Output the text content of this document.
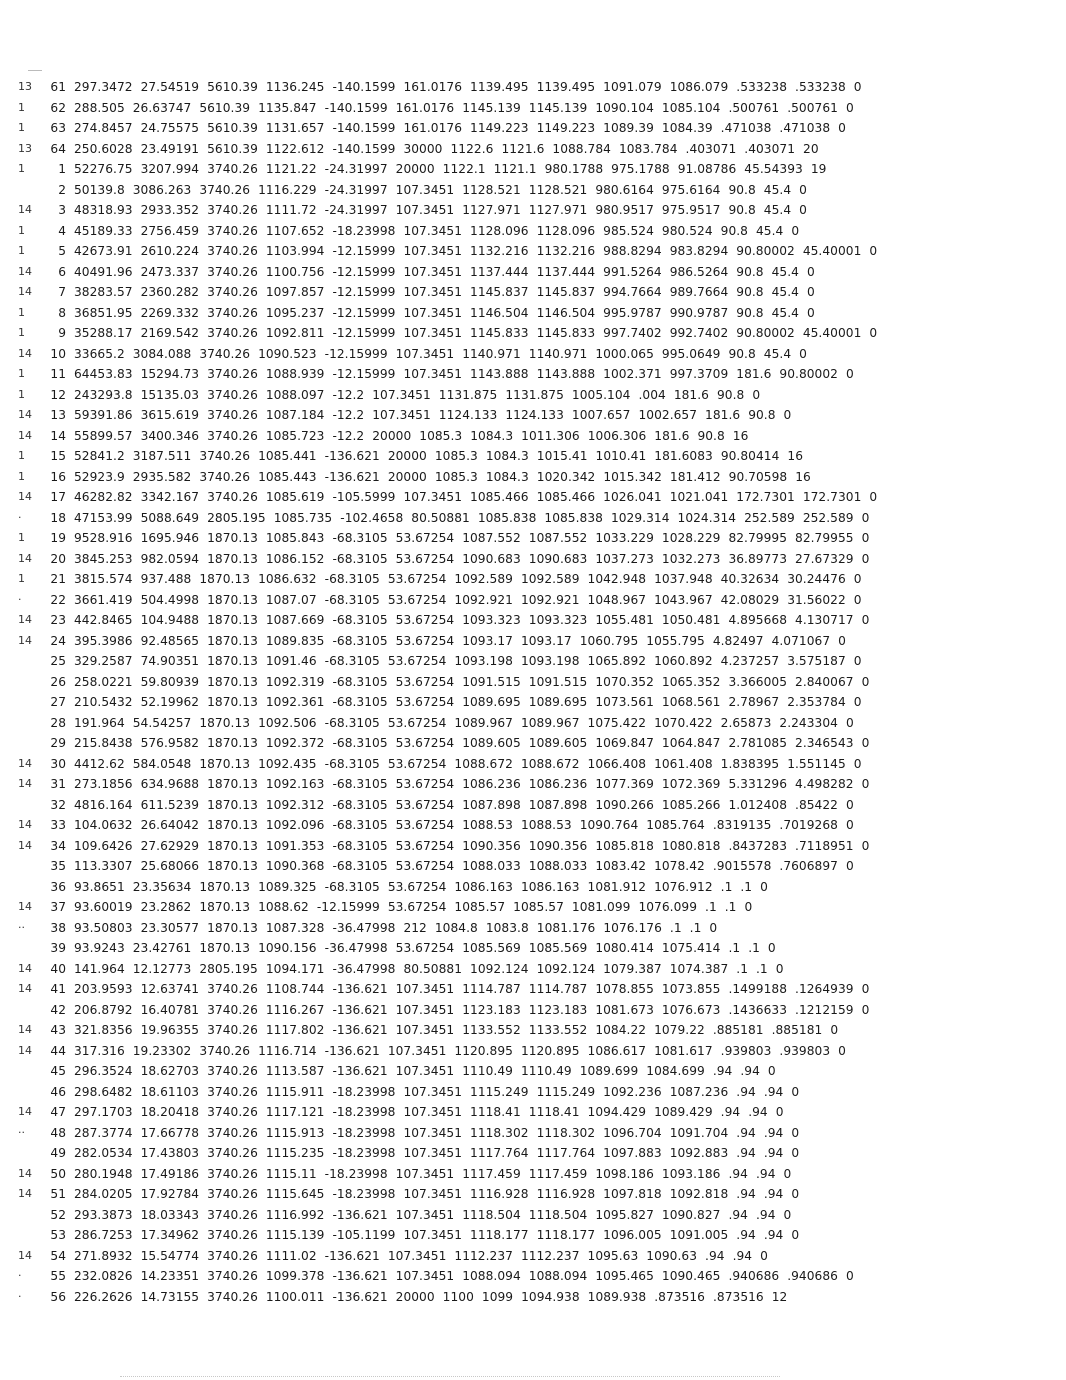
13	61 297.3472 27.54519 5610.39 1136.245 -140.1599 161.0176 1139.495 1139.495 1091.079 1086.079 .533238 .533238 0
1	62 288.505 26.63747 5610.39 1135.847 -140.1599 161.0176 1145.139 1145.139 1090.104 1085.104 .500761 .500761 0
1	63 274.8457 24.75575 5610.39 1131.657 -140.1599 161.0176 1149.223 1149.223 1089.39 1084.39 .471038 .471038 0
13	64 250.6028 23.49191 5610.39 1122.612 -140.1599 30000 1122.6 1121.6 1088.784 1083.784 .403071 .403071 20
1	1 52276.75 3207.994 3740.26 1121.22 -24.31997 20000 1122.1 1121.1 980.1788 975.1788 91.08786 45.54393 19
2 50139.8 3086.263 3740.26 1116.229 -24.31997 107.3451 1128.521 1128.521 980.6164 975.6164 90.8 45.4 0
14	3 48318.93 2933.352 3740.26 1111.72 -24.31997 107.3451 1127.971 1127.971 980.9517 975.9517 90.8 45.4 0
1	4 45189.33 2756.459 3740.26 1107.652 -18.23998 107.3451 1128.096 1128.096 985.524 980.524 90.8 45.4 0
1	5 42673.91 2610.224 3740.26 1103.994 -12.15999 107.3451 1132.216 1132.216 988.8294 983.8294 90.80002 45.40001 0
14	6 40491.96 2473.337 3740.26 1100.756 -12.15999 107.3451 1137.444 1137.444 991.5264 986.5264 90.8 45.4 0
14	7 38283.57 2360.282 3740.26 1097.857 -12.15999 107.3451 1145.837 1145.837 994.7664 989.7664 90.8 45.4 0
1	8 36851.95 2269.332 3740.26 1095.237 -12.15999 107.3451 1146.504 1146.504 995.9787 990.9787 90.8 45.4 0
1	9 35288.17 2169.542 3740.26 1092.811 -12.15999 107.3451 1145.833 1145.833 997.7402 992.7402 90.80002 45.40001 0
14	10 33665.2 3084.088 3740.26 1090.523 -12.15999 107.3451 1140.971 1140.971 1000.065 995.0649 90.8 45.4 0
1	11 64453.83 15294.73 3740.26 1088.939 -12.15999 107.3451 1143.888 1143.888 1002.371 997.3709 181.6 90.80002 0
1	12 243293.8 15135.03 3740.26 1088.097 -12.2 107.3451 1131.875 1131.875 1005.104 .004 181.6 90.8 0
14	13 59391.86 3615.619 3740.26 1087.184 -12.2 107.3451 1124.133 1124.133 1007.657 1002.657 181.6 90.8 0
14	14 55899.57 3400.346 3740.26 1085.723 -12.2 20000 1085.3 1084.3 1011.306 1006.306 181.6 90.8 16
1	15 52841.2 3187.511 3740.26 1085.441 -136.621 20000 1085.3 1084.3 1015.41 1010.41 181.6083 90.80414 16
1	16 52923.9 2935.582 3740.26 1085.443 -136.621 20000 1085.3 1084.3 1020.342 1015.342 181.412 90.70598 16
14	17 46282.82 3342.167 3740.26 1085.619 -105.5999 107.3451 1085.466 1085.466 1026.041 1021.041 172.7301 172.7301 0
·	18 47153.99 5088.649 2805.195 1085.735 -102.4658 80.50881 1085.838 1085.838 1029.314 1024.314 252.589 252.589 0
1	19 9528.916 1695.946 1870.13 1085.843 -68.3105 53.67254 1087.552 1087.552 1033.229 1028.229 82.79995 82.79955 0
14	20 3845.253 982.0594 1870.13 1086.152 -68.3105 53.67254 1090.683 1090.683 1037.273 1032.273 36.89773 27.67329 0
1	21 3815.574 937.488 1870.13 1086.632 -68.3105 53.67254 1092.589 1092.589 1042.948 1037.948 40.32634 30.24476 0
·	22 3661.419 504.4998 1870.13 1087.07 -68.3105 53.67254 1092.921 1092.921 1048.967 1043.967 42.08029 31.56022 0
14	23 442.8465 104.9488 1870.13 1087.669 -68.3105 53.67254 1093.323 1093.323 1055.481 1050.481 4.895668 4.130717 0
14	24 395.3986 92.48565 1870.13 1089.835 -68.3105 53.67254 1093.17 1093.17 1060.795 1055.795 4.82497 4.071067 0
25 329.2587 74.90351 1870.13 1091.46 -68.3105 53.67254 1093.198 1093.198 1065.892 1060.892 4.237257 3.575187 0
26 258.0221 59.80939 1870.13 1092.319 -68.3105 53.67254 1091.515 1091.515 1070.352 1065.352 3.366005 2.840067 0
27 210.5432 52.19962 1870.13 1092.361 -68.3105 53.67254 1089.695 1089.695 1073.561 1068.561 2.78967 2.353784 0
28 191.964 54.54257 1870.13 1092.506 -68.3105 53.67254 1089.967 1089.967 1075.422 1070.422 2.65873 2.243304 0
29 215.8438 576.9582 1870.13 1092.372 -68.3105 53.67254 1089.605 1089.605 1069.847 1064.847 2.781085 2.346543 0
14	30 4412.62 584.0548 1870.13 1092.435 -68.3105 53.67254 1088.672 1088.672 1066.408 1061.408 1.838395 1.551145 0
14	31 273.1856 634.9688 1870.13 1092.163 -68.3105 53.67254 1086.236 1086.236 1077.369 1072.369 5.331296 4.498282 0
32 4816.164 611.5239 1870.13 1092.312 -68.3105 53.67254 1087.898 1087.898 1090.266 1085.266 1.012408 .85422 0
14	33 104.0632 26.64042 1870.13 1092.096 -68.3105 53.67254 1088.53 1088.53 1090.764 1085.764 .8319135 .7019268 0
14	34 109.6426 27.62929 1870.13 1091.353 -68.3105 53.67254 1090.356 1090.356 1085.818 1080.818 .8437283 .7118951 0
35 113.3307 25.68066 1870.13 1090.368 -68.3105 53.67254 1088.033 1088.033 1083.42 1078.42 .9015578 .7606897 0
36 93.8651 23.35634 1870.13 1089.325 -68.3105 53.67254 1086.163 1086.163 1081.912 1076.912 .1 .1 0
14	37 93.60019 23.2862 1870.13 1088.62 -12.15999 53.67254 1085.57 1085.57 1081.099 1076.099 .1 .1 0
··	38 93.50803 23.30577 1870.13 1087.328 -36.47998 212 1084.8 1083.8 1081.176 1076.176 .1 .1 0
39 93.9243 23.42761 1870.13 1090.156 -36.47998 53.67254 1085.569 1085.569 1080.414 1075.414 .1 .1 0
14	40 141.964 12.12773 2805.195 1094.171 -36.47998 80.50881 1092.124 1092.124 1079.387 1074.387 .1 .1 0
14	41 203.9593 12.63741 3740.26 1108.744 -136.621 107.3451 1114.787 1114.787 1078.855 1073.855 .1499188 .1264939 0
42 206.8792 16.40781 3740.26 1116.267 -136.621 107.3451 1123.183 1123.183 1081.673 1076.673 .1436633 .1212159 0
14	43 321.8356 19.96355 3740.26 1117.802 -136.621 107.3451 1133.552 1133.552 1084.22 1079.22 .885181 .885181 0
14	44 317.316 19.23302 3740.26 1116.714 -136.621 107.3451 1120.895 1120.895 1086.617 1081.617 .939803 .939803 0
45 296.3524 18.62703 3740.26 1113.587 -136.621 107.3451 1110.49 1110.49 1089.699 1084.699 .94 .94 0
46 298.6482 18.61103 3740.26 1115.911 -18.23998 107.3451 1115.249 1115.249 1092.236 1087.236 .94 .94 0
14	47 297.1703 18.20418 3740.26 1117.121 -18.23998 107.3451 1118.41 1118.41 1094.429 1089.429 .94 .94 0
··	48 287.3774 17.66778 3740.26 1115.913 -18.23998 107.3451 1118.302 1118.302 1096.704 1091.704 .94 .94 0
49 282.0534 17.43803 3740.26 1115.235 -18.23998 107.3451 1117.764 1117.764 1097.883 1092.883 .94 .94 0
14	50 280.1948 17.49186 3740.26 1115.11 -18.23998 107.3451 1117.459 1117.459 1098.186 1093.186 .94 .94 0
14	51 284.0205 17.92784 3740.26 1115.645 -18.23998 107.3451 1116.928 1116.928 1097.818 1092.818 .94 .94 0
52 293.3873 18.03343 3740.26 1116.992 -136.621 107.3451 1118.504 1118.504 1095.827 1090.827 .94 .94 0
53 286.7253 17.34962 3740.26 1115.139 -105.1199 107.3451 1118.177 1118.177 1096.005 1091.005 .94 .94 0
14	54 271.8932 15.54774 3740.26 1111.02 -136.621 107.3451 1112.237 1112.237 1095.63 1090.63 .94 .94 0
·	55 232.0826 14.23351 3740.26 1099.378 -136.621 107.3451 1088.094 1088.094 1095.465 1090.465 .940686 .940686 0
·	56 226.2626 14.73155 3740.26 1100.011 -136.621 20000 1100 1099 1094.938 1089.938 .873516 .873516 12
